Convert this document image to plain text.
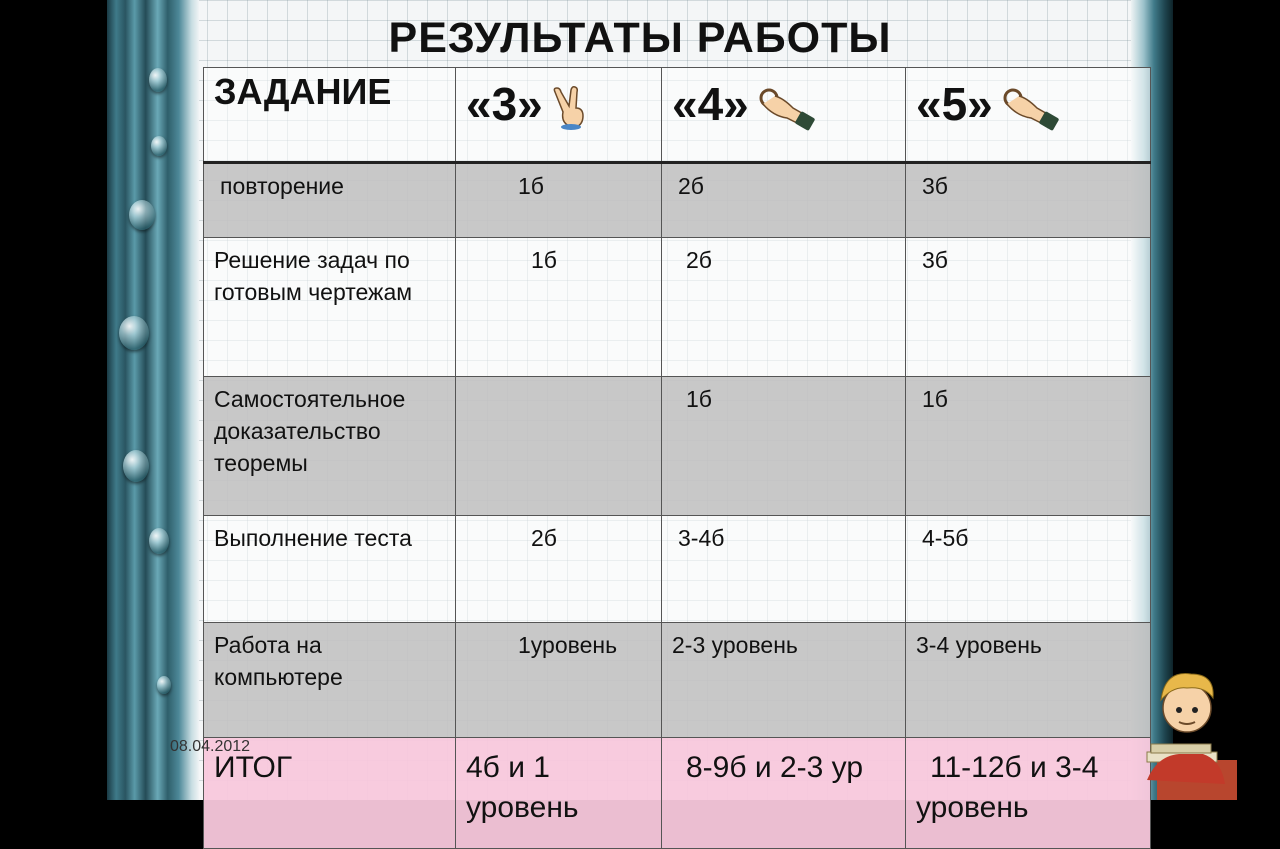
РЕЗУЛЬТАТЫ РАБОТЫ
ЗАДАНИЕ	«3»	«4»	«5»
повторение	1б	2б	3б
Решение задач по готовым чертежам	1б	2б	3б
Самостоятельное доказательство теоремы		1б	1б
Выполнение теста	2б	3-4б	4-5б
Работа на компьютере	1уровень	2-3 уровень	3-4 уровень
ИТОГ	4б и 1 уровень	8-9б и 2-3 ур	11-12б и 3-4 уровень
08.04.2012
